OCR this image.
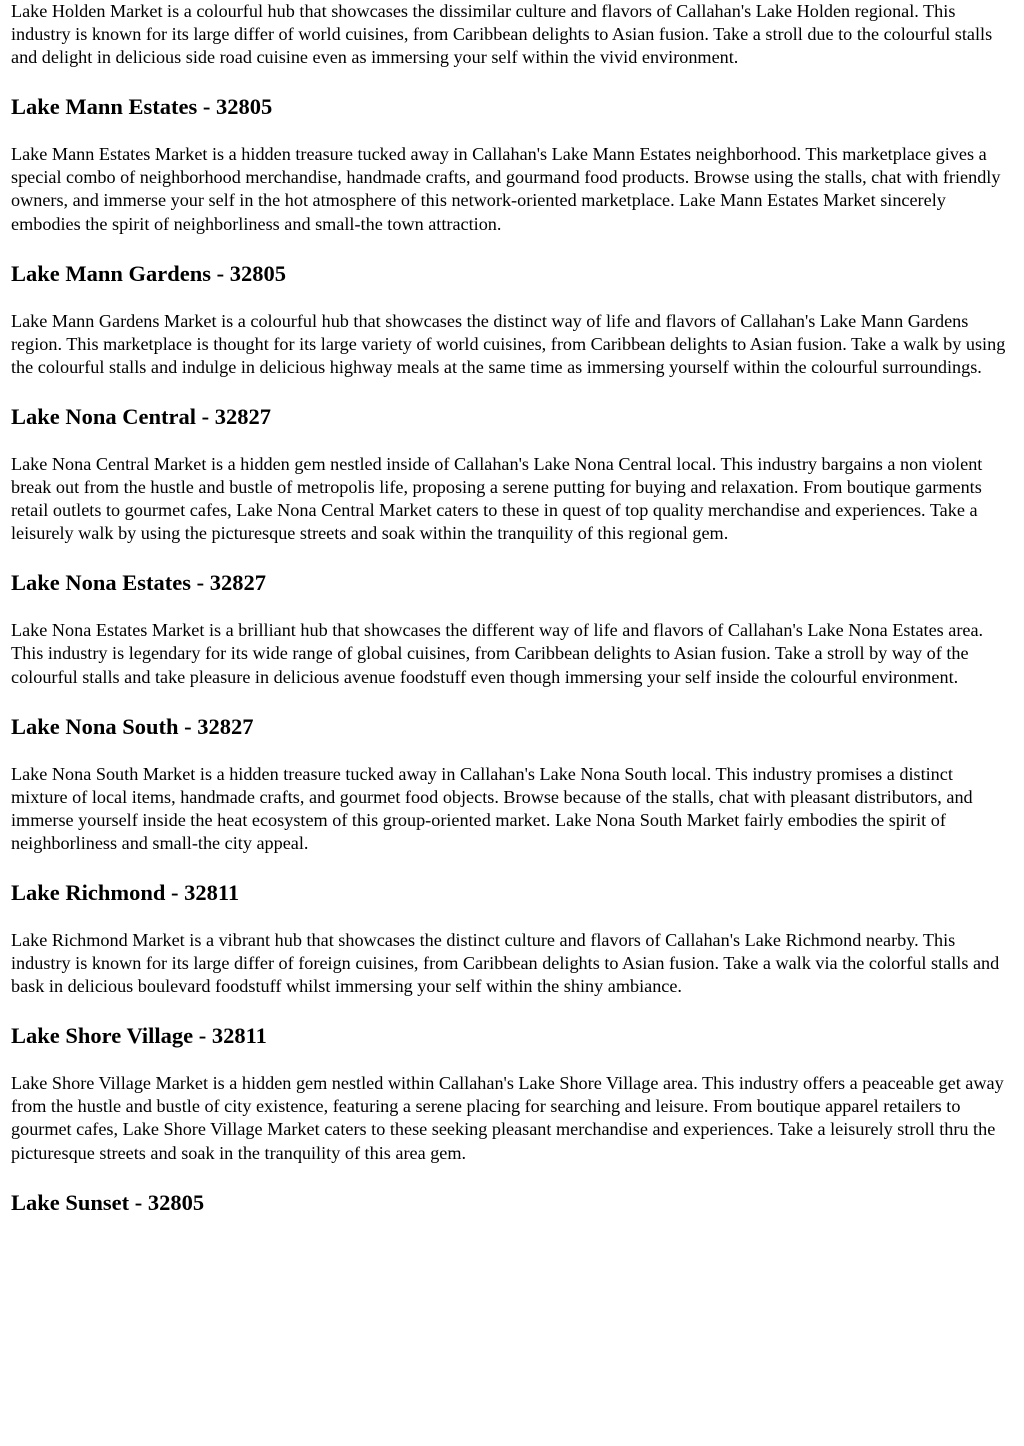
Lake Holden Market is a colourful hub that showcases the dissimilar culture and flavors of Callahan's Lake Holden regional. This industry is known for its large differ of world cuisines, from Caribbean delights to Asian fusion. Take a stroll due to the colourful stalls and delight in delicious side road cuisine even as immersing your self within the vivid environment.

Lake Mann Estates - 32805

Lake Mann Estates Market is a hidden treasure tucked away in Callahan's Lake Mann Estates neighborhood. This marketplace gives a special combo of neighborhood merchandise, handmade crafts, and gourmand food products. Browse using the stalls, chat with friendly owners, and immerse your self in the hot atmosphere of this network-oriented marketplace. Lake Mann Estates Market sincerely embodies the spirit of neighborliness and small-the town attraction.

Lake Mann Gardens - 32805

Lake Mann Gardens Market is a colourful hub that showcases the distinct way of life and flavors of Callahan's Lake Mann Gardens region. This marketplace is thought for its large variety of world cuisines, from Caribbean delights to Asian fusion. Take a walk by using the colourful stalls and indulge in delicious highway meals at the same time as immersing yourself within the colourful surroundings.

Lake Nona Central - 32827

Lake Nona Central Market is a hidden gem nestled inside of Callahan's Lake Nona Central local. This industry bargains a non violent break out from the hustle and bustle of metropolis life, proposing a serene putting for buying and relaxation. From boutique garments retail outlets to gourmet cafes, Lake Nona Central Market caters to these in quest of top quality merchandise and experiences. Take a leisurely walk by using the picturesque streets and soak within the tranquility of this regional gem.

Lake Nona Estates - 32827

Lake Nona Estates Market is a brilliant hub that showcases the different way of life and flavors of Callahan's Lake Nona Estates area. This industry is legendary for its wide range of global cuisines, from Caribbean delights to Asian fusion. Take a stroll by way of the colourful stalls and take pleasure in delicious avenue foodstuff even though immersing your self inside the colourful environment.

Lake Nona South - 32827

Lake Nona South Market is a hidden treasure tucked away in Callahan's Lake Nona South local. This industry promises a distinct mixture of local items, handmade crafts, and gourmet food objects. Browse because of the stalls, chat with pleasant distributors, and immerse yourself inside the heat ecosystem of this group-oriented market. Lake Nona South Market fairly embodies the spirit of neighborliness and small-the city appeal.

Lake Richmond - 32811

Lake Richmond Market is a vibrant hub that showcases the distinct culture and flavors of Callahan's Lake Richmond nearby. This industry is known for its large differ of foreign cuisines, from Caribbean delights to Asian fusion. Take a walk via the colorful stalls and bask in delicious boulevard foodstuff whilst immersing your self within the shiny ambiance.

Lake Shore Village - 32811

Lake Shore Village Market is a hidden gem nestled within Callahan's Lake Shore Village area. This industry offers a peaceable get away from the hustle and bustle of city existence, featuring a serene placing for searching and leisure. From boutique apparel retailers to gourmet cafes, Lake Shore Village Market caters to these seeking pleasant merchandise and experiences. Take a leisurely stroll thru the picturesque streets and soak in the tranquility of this area gem.

Lake Sunset - 32805
